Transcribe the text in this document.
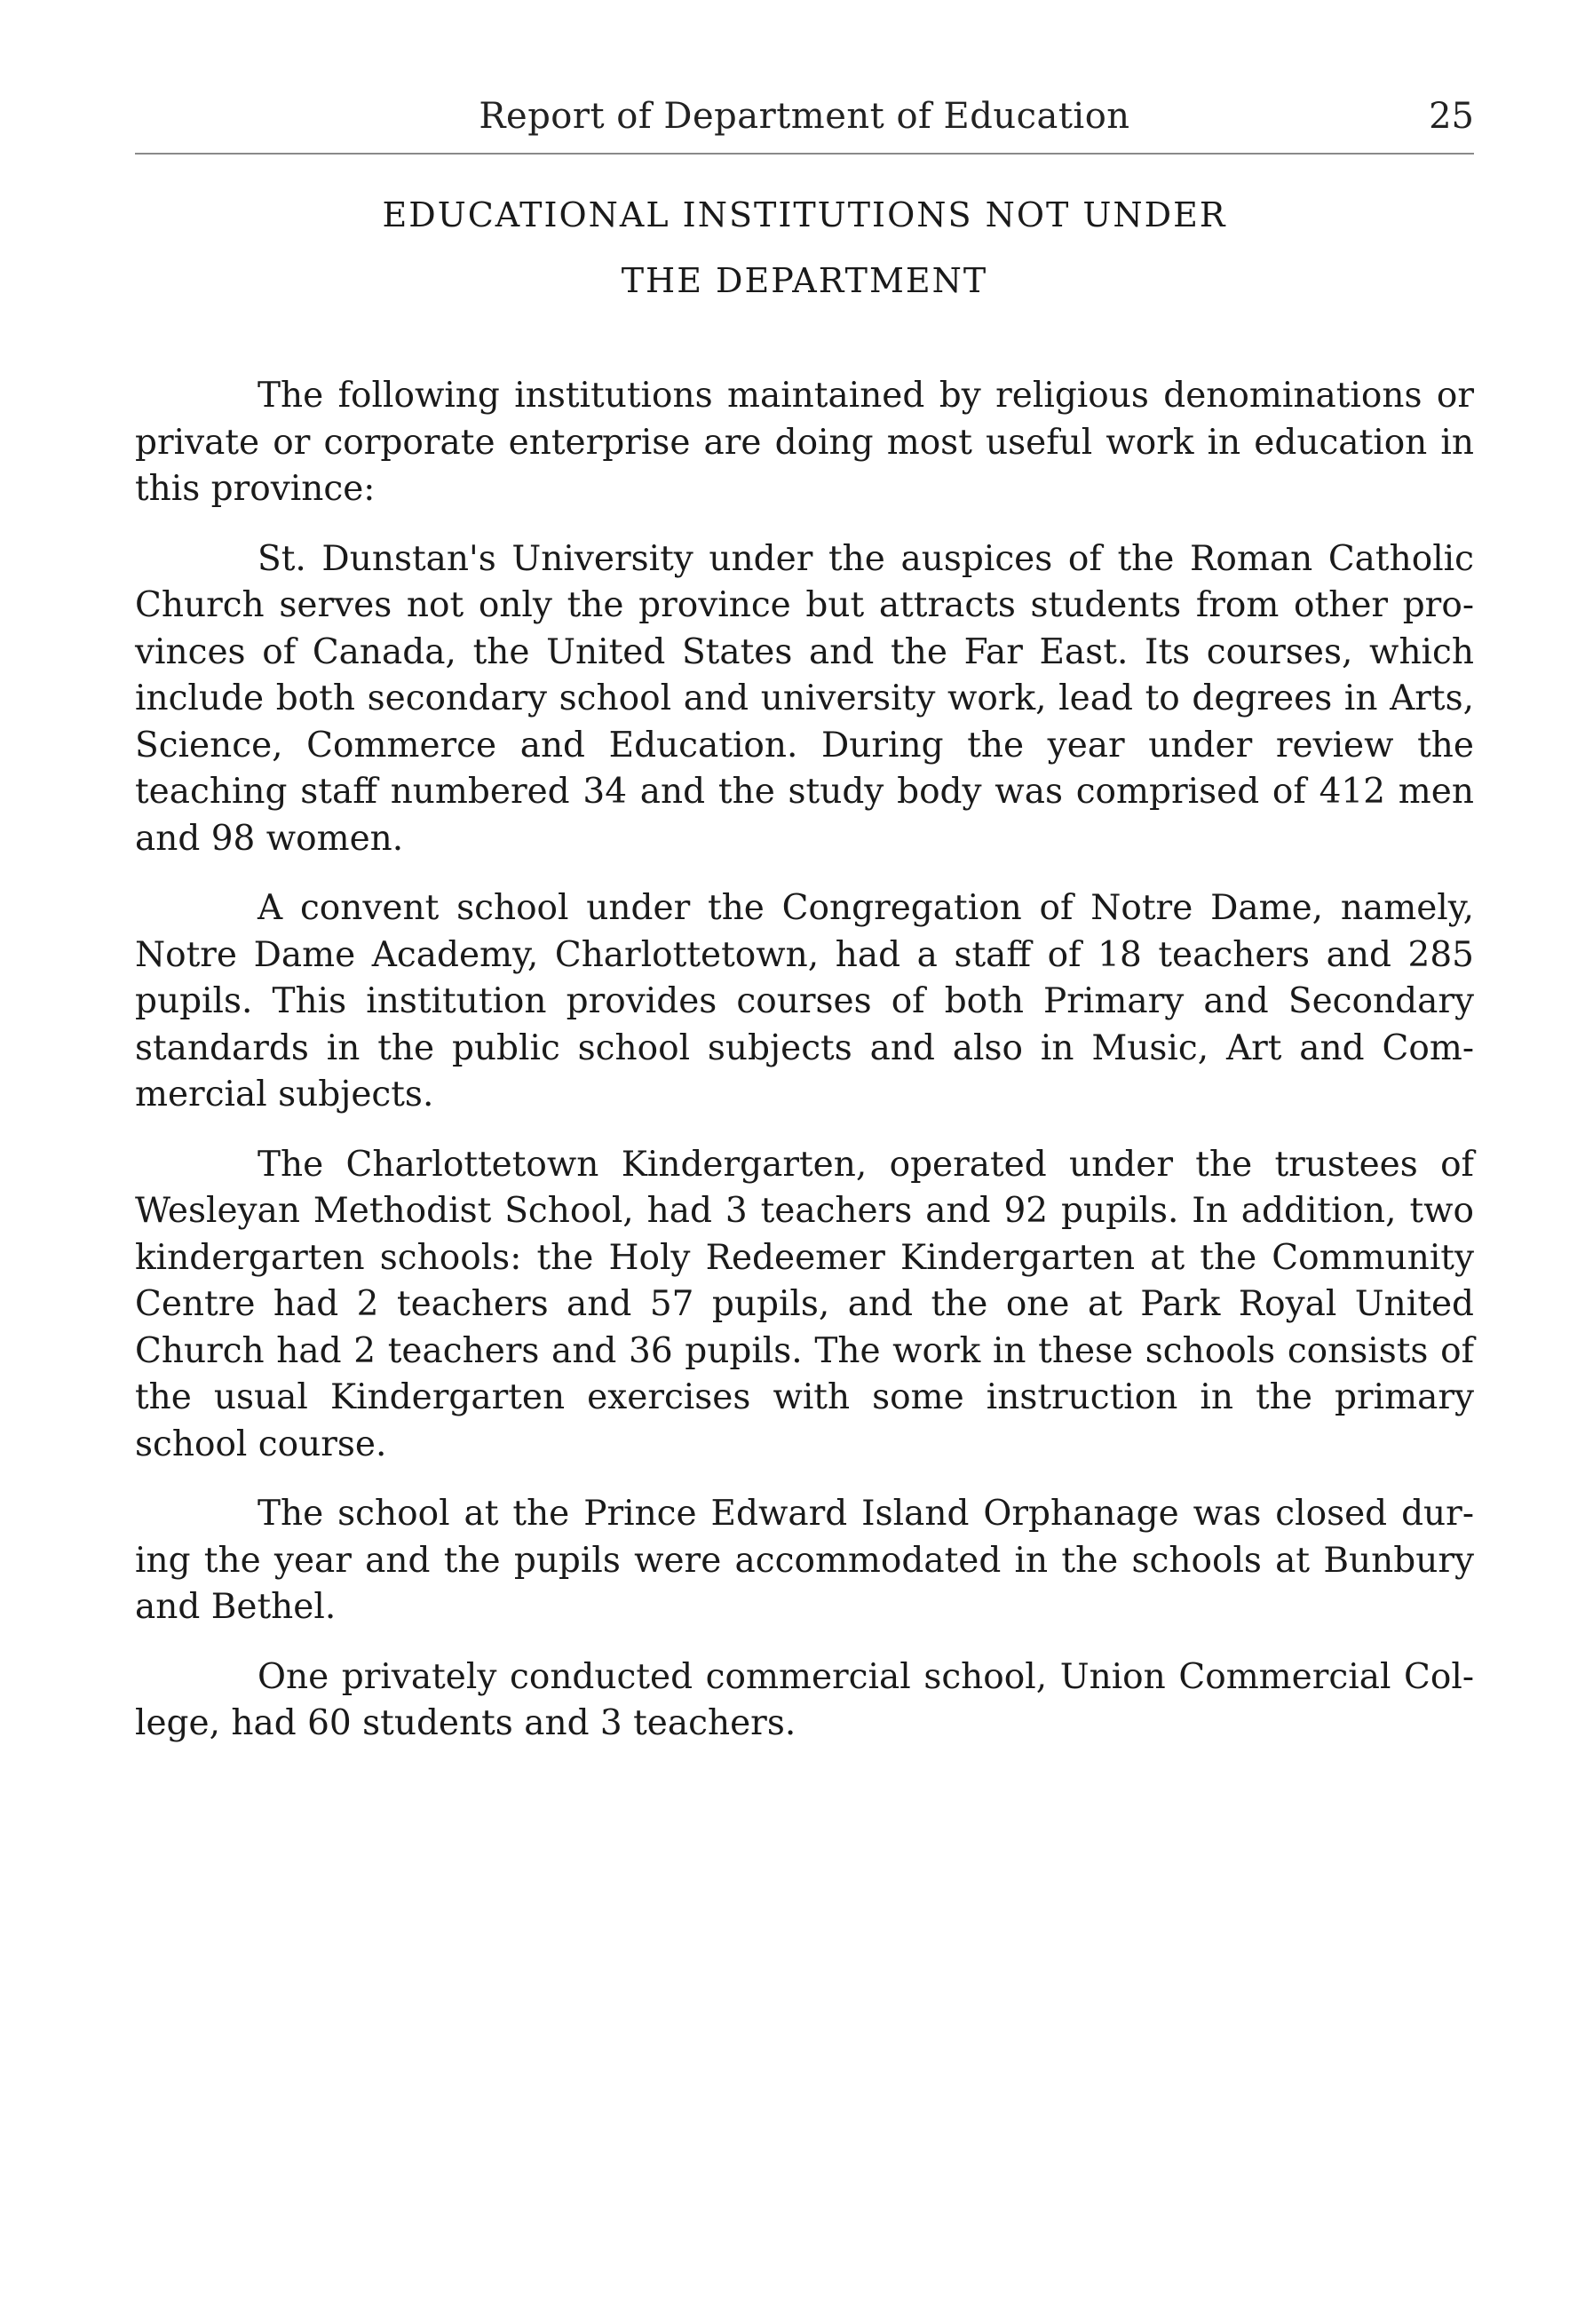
Report of Department of Education	25
EDUCATIONAL INSTITUTIONS NOT UNDER
THE DEPARTMENT

The following institutions maintained by religious denominations or private or corporate enterprise are doing most useful work in education in this province:

St. Dunstan's University under the auspices of the Roman Catholic Church serves not only the province but attracts students from other provinces of Canada, the United States and the Far East. Its courses, which include both secondary school and university work, lead to degrees in Arts, Science, Commerce and Education. During the year under review the teaching staff numbered 34 and the study body was comprised of 412 men and 98 women.

A convent school under the Congregation of Notre Dame, namely, Notre Dame Academy, Charlottetown, had a staff of 18 teachers and 285 pupils. This institution provides courses of both Primary and Secondary standards in the public school subjects and also in Music, Art and Commercial subjects.

The Charlottetown Kindergarten, operated under the trustees of Wesleyan Methodist School, had 3 teachers and 92 pupils. In addition, two kindergarten schools: the Holy Redeemer Kindergarten at the Community Centre had 2 teachers and 57 pupils, and the one at Park Royal United Church had 2 teachers and 36 pupils. The work in these schools consists of the usual Kindergarten exercises with some instruction in the primary school course.

The school at the Prince Edward Island Orphanage was closed during the year and the pupils were accommodated in the schools at Bunbury and Bethel.

One privately conducted commercial school, Union Commercial College, had 60 students and 3 teachers.
